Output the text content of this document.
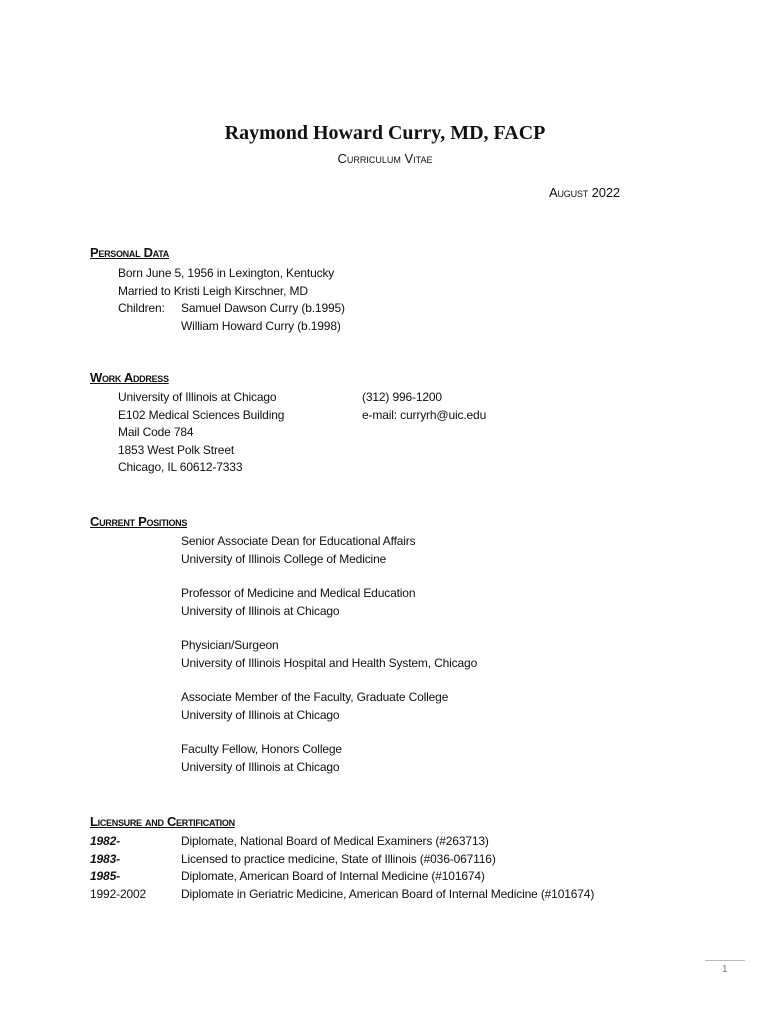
Raymond Howard Curry, MD, FACP
Curriculum Vitae
August 2022
Personal Data
Born June 5, 1956 in Lexington, Kentucky
Married to Kristi Leigh Kirschner, MD
Children: Samuel Dawson Curry (b.1995)
William Howard Curry (b.1998)
Work Address
University of Illinois at Chicago
E102 Medical Sciences Building
Mail Code 784
1853 West Polk Street
Chicago, IL 60612-7333
(312) 996-1200
e-mail: curryrh@uic.edu
Current Positions
Senior Associate Dean for Educational Affairs
University of Illinois College of Medicine
Professor of Medicine and Medical Education
University of Illinois at Chicago
Physician/Surgeon
University of Illinois Hospital and Health System, Chicago
Associate Member of the Faculty, Graduate College
University of Illinois at Chicago
Faculty Fellow, Honors College
University of Illinois at Chicago
Licensure and Certification
1982-	Diplomate, National Board of Medical Examiners (#263713)
1983-	Licensed to practice medicine, State of Illinois (#036-067116)
1985-	Diplomate, American Board of Internal Medicine (#101674)
1992-2002	Diplomate in Geriatric Medicine, American Board of Internal Medicine (#101674)
1
